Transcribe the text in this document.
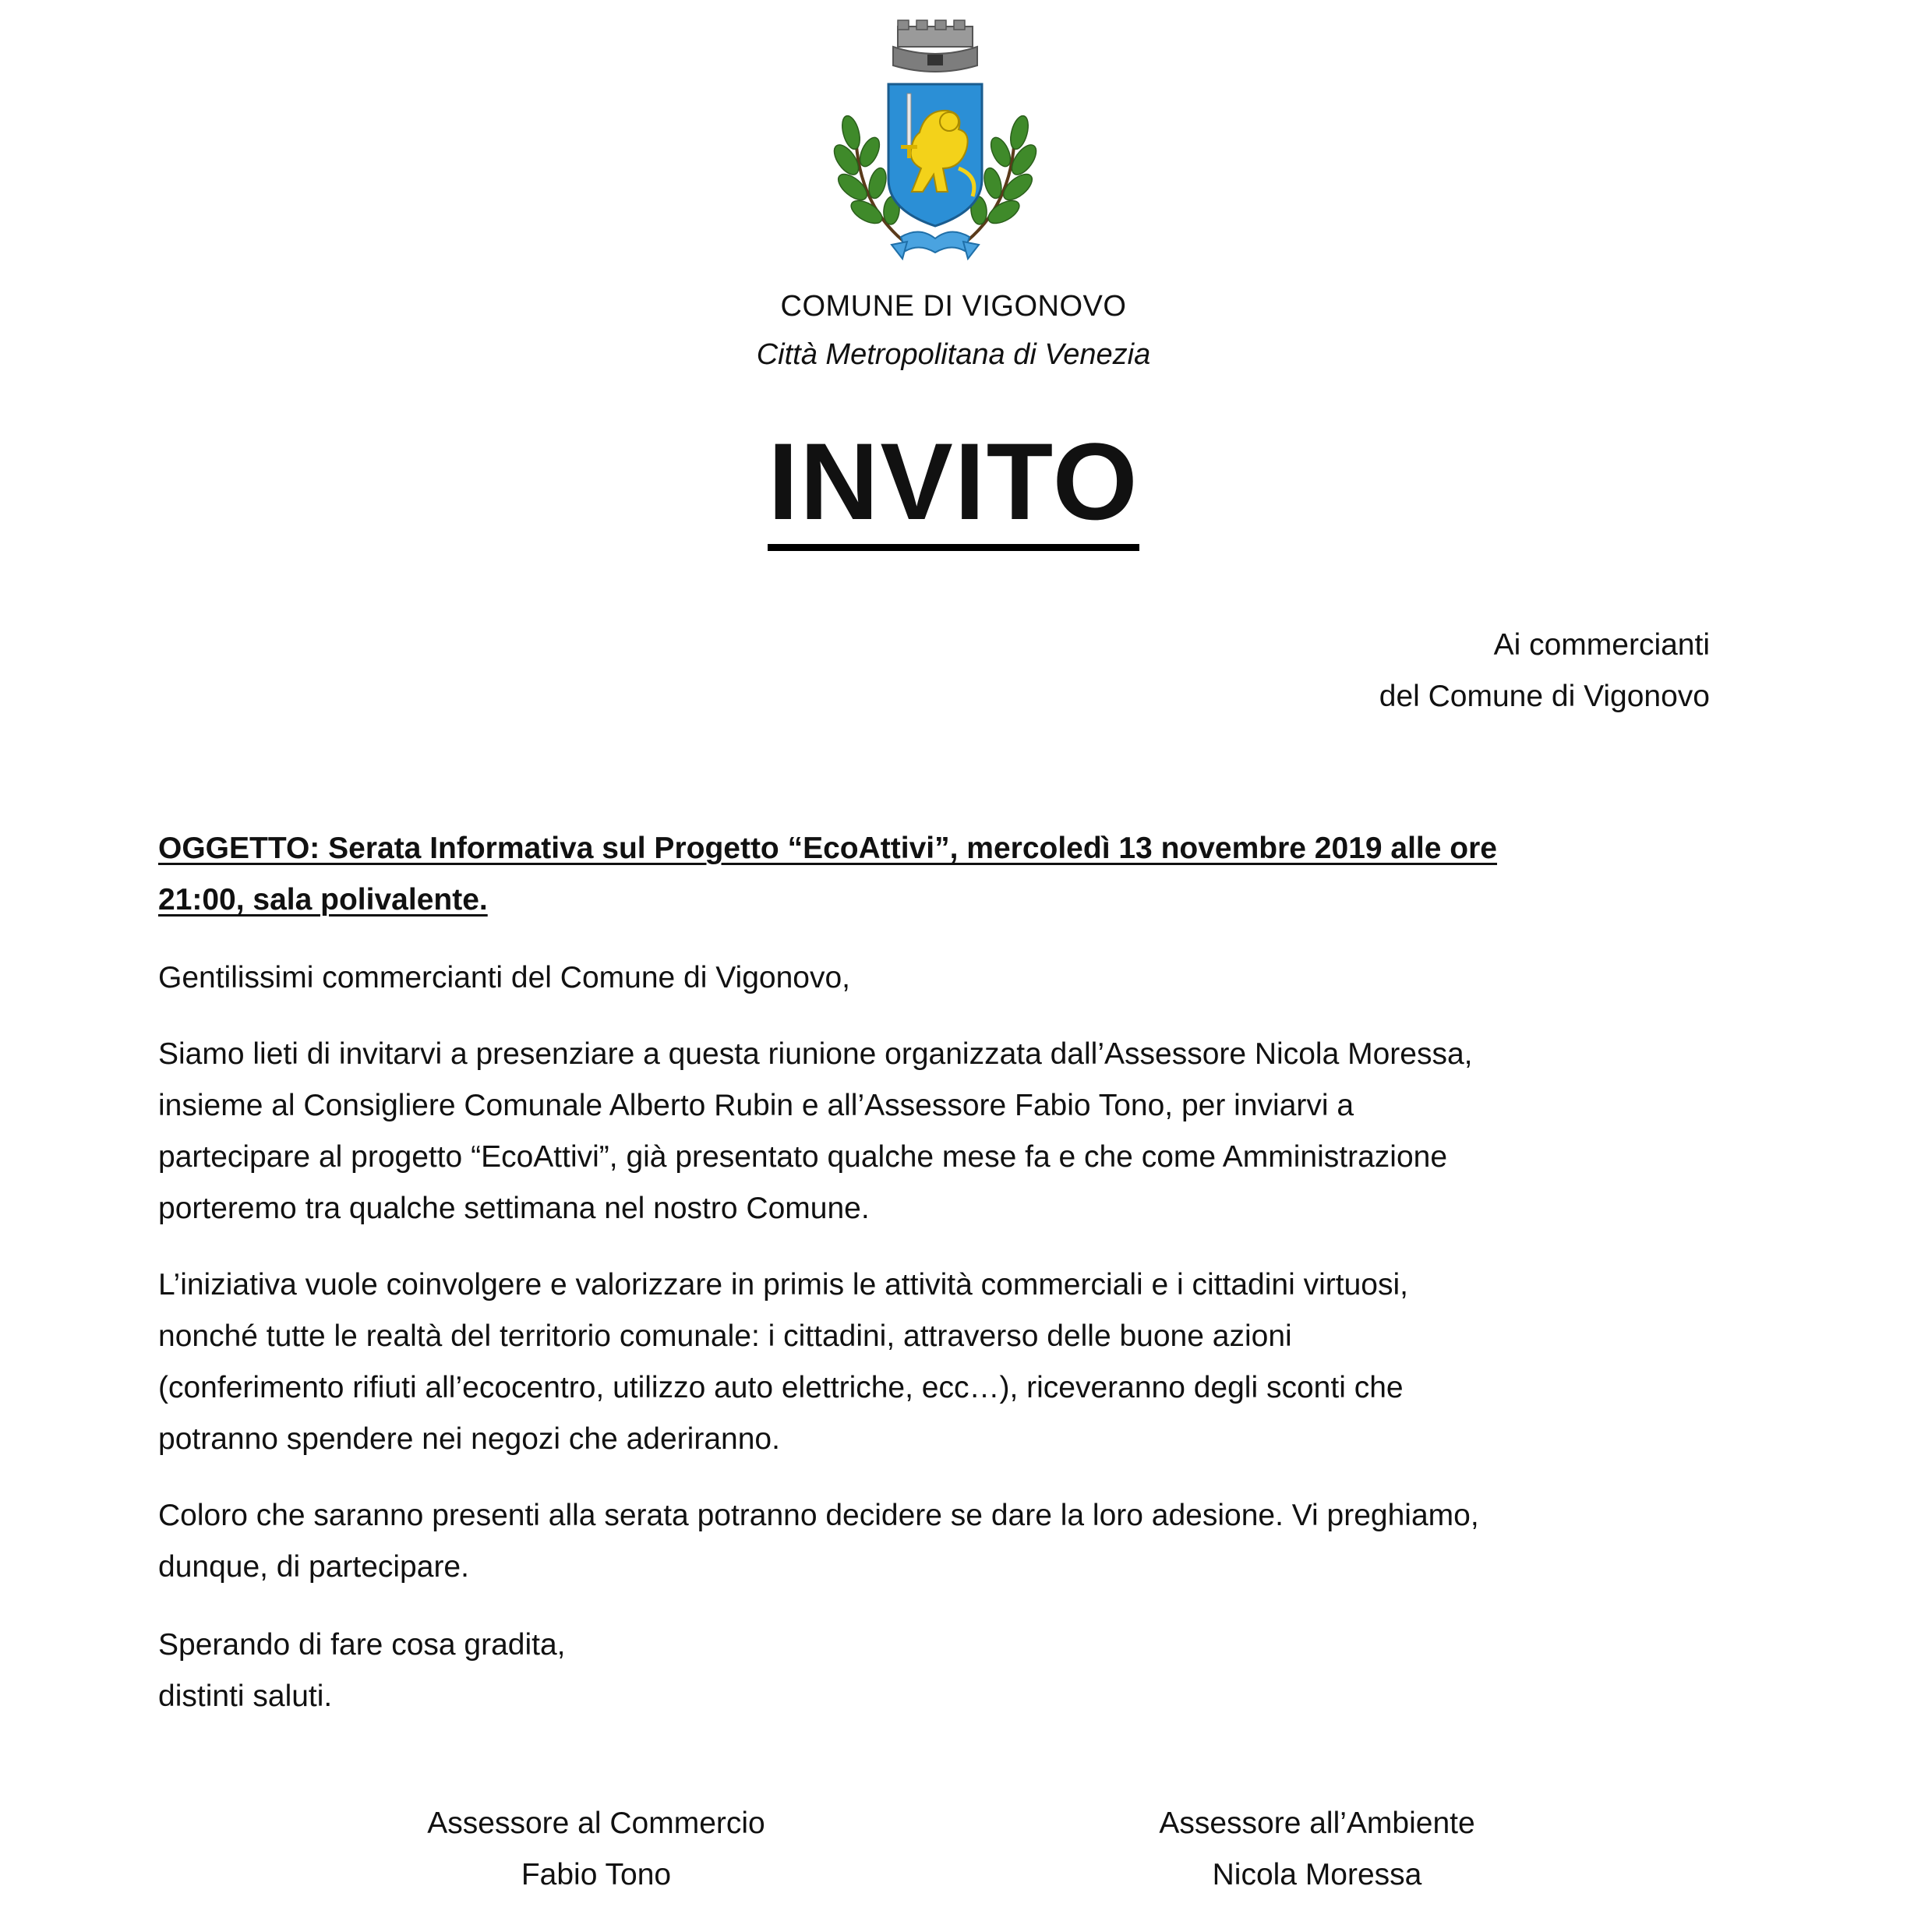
COMUNE DI VIGONOVO
Città Metropolitana di Venezia
INVITO
Ai commercianti
del Comune di Vigonovo
OGGETTO: Serata Informativa sul Progetto “EcoAttivi”, mercoledì 13 novembre 2019 alle ore
21:00, sala polivalente.
Gentilissimi commercianti del Comune di Vigonovo,
Siamo lieti di invitarvi a presenziare a questa riunione organizzata dall’Assessore Nicola Moressa,
insieme al Consigliere Comunale Alberto Rubin e all’Assessore Fabio Tono, per inviarvi a
partecipare al progetto “EcoAttivi”, già presentato qualche mese fa e che come Amministrazione
porteremo tra qualche settimana nel nostro Comune.
L’iniziativa vuole coinvolgere e valorizzare in primis le attività commerciali e i cittadini virtuosi,
nonché tutte le realtà del territorio comunale: i cittadini, attraverso delle buone azioni
(conferimento rifiuti all’ecocentro, utilizzo auto elettriche, ecc…), riceveranno degli sconti che
potranno spendere nei negozi che aderiranno.
Coloro che saranno presenti alla serata potranno decidere se dare la loro adesione. Vi preghiamo,
dunque, di partecipare.
Sperando di fare cosa gradita,
distinti saluti.
Assessore al Commercio
Fabio Tono
Assessore all’Ambiente
Nicola Moressa
